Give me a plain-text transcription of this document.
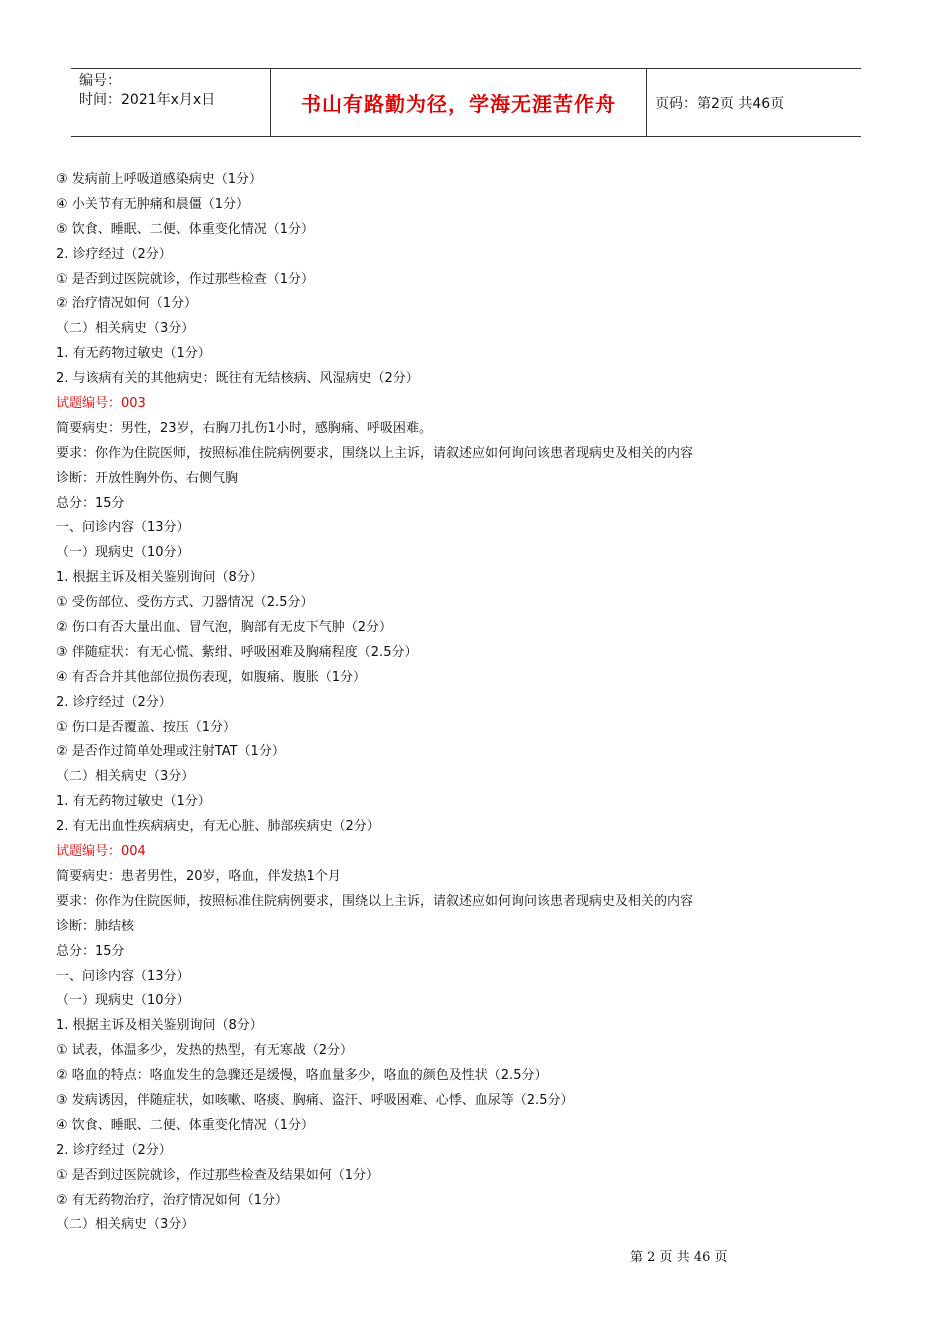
编号：
时间：2021年x月x日	书山有路勤为径，学海无涯苦作舟	页码：第2页 共46页
③ 发病前上呼吸道感染病史（1分）
④ 小关节有无肿痛和晨僵（1分）
⑤ 饮食、睡眠、二便、体重变化情况（1分）
2. 诊疗经过（2分）
① 是否到过医院就诊，作过那些检查（1分）
② 治疗情况如何（1分）
（二）相关病史（3分）
1. 有无药物过敏史（1分）
2. 与该病有关的其他病史：既往有无结核病、风湿病史（2分）
试题编号：003
简要病史：男性，23岁，右胸刀扎伤1小时，感胸痛、呼吸困难。
要求：你作为住院医师，按照标准住院病例要求，围绕以上主诉，请叙述应如何询问该患者现病史及相关的内容
诊断：开放性胸外伤、右侧气胸
总分：15分
一、问诊内容（13分）
（一）现病史（10分）
1. 根据主诉及相关鉴别询问（8分）
① 受伤部位、受伤方式、刀器情况（2.5分）
② 伤口有否大量出血、冒气泡，胸部有无皮下气肿（2分）
③ 伴随症状：有无心慌、紫绀、呼吸困难及胸痛程度（2.5分）
④ 有否合并其他部位损伤表现，如腹痛、腹胀（1分）
2. 诊疗经过（2分）
① 伤口是否覆盖、按压（1分）
② 是否作过简单处理或注射TAT（1分）
（二）相关病史（3分）
1. 有无药物过敏史（1分）
2. 有无出血性疾病病史，有无心脏、肺部疾病史（2分）
试题编号：004
简要病史：患者男性，20岁，咯血，伴发热1个月
要求：你作为住院医师，按照标准住院病例要求，围绕以上主诉，请叙述应如何询问该患者现病史及相关的内容
诊断：肺结核
总分：15分
一、问诊内容（13分）
（一）现病史（10分）
1. 根据主诉及相关鉴别询问（8分）
① 试表，体温多少，发热的热型，有无寒战（2分）
② 咯血的特点：咯血发生的急骤还是缓慢，咯血量多少，咯血的颜色及性状（2.5分）
③ 发病诱因，伴随症状，如咳嗽、咯痰、胸痛、盗汗、呼吸困难、心悸、血尿等（2.5分）
④ 饮食、睡眠、二便、体重变化情况（1分）
2. 诊疗经过（2分）
① 是否到过医院就诊，作过那些检查及结果如何（1分）
② 有无药物治疗，治疗情况如何（1分）
（二）相关病史（3分）
第 2 页 共 46 页
